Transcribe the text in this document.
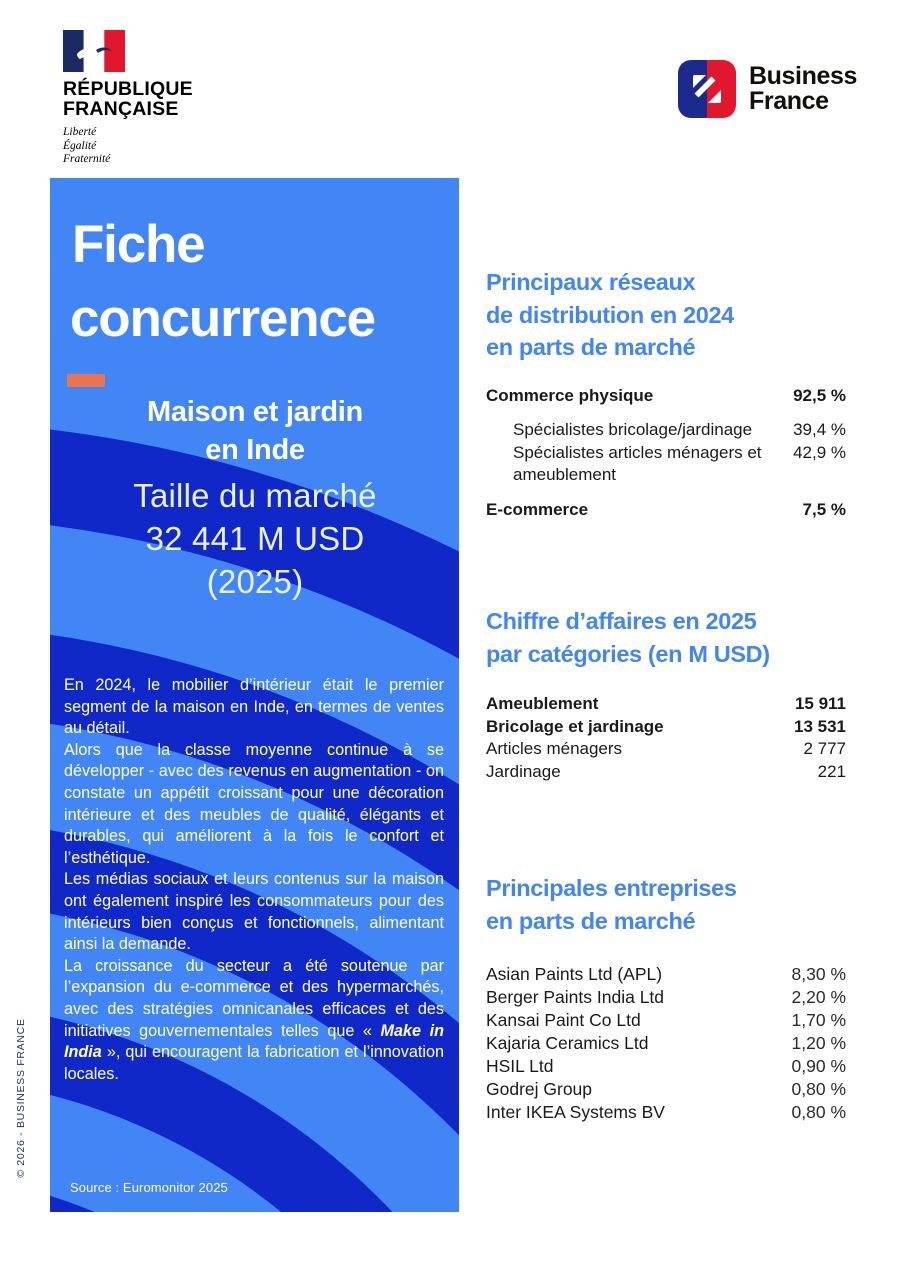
RÉPUBLIQUE
FRANÇAISE
Liberté
Égalité
Fraternité
Business
France
© 2026 - BUSINESS FRANCE
Fiche
concurrence
Maison et jardin
en Inde
Taille du marché
32 441 M USD
(2025)

En 2024, le mobilier d’intérieur était le premier segment de la maison en Inde, en termes de ventes au détail.

Alors que la classe moyenne continue à se développer - avec des revenus en augmentation - on constate un appétit croissant pour une décoration intérieure et des meubles de qualité, élégants et durables, qui améliorent à la fois le confort et l’esthétique.

Les médias sociaux et leurs contenus sur la maison ont également inspiré les consommateurs pour des intérieurs bien conçus et fonctionnels, alimentant ainsi la demande.

La croissance du secteur a été soutenue par l’expansion du e-commerce et des hypermarchés, avec des stratégies omnicanales efficaces et des initiatives gouvernementales telles que « Make in India », qui encouragent la fabrication et l’innovation locales.

Source : Euromonitor 2025
Principaux réseaux
de distribution en 2024
en parts de marché
Commerce physique	92,5 %
Spécialistes bricolage/jardinage	39,4 %
Spécialistes articles ménagers et ameublement
42,9 %
E-commerce	7,5 %
Chiffre d’affaires en 2025
par catégories (en M USD)
Ameublement	15 911
Bricolage et jardinage	13 531
Articles ménagers	2 777
Jardinage	221
Principales entreprises
en parts de marché
Asian Paints Ltd (APL)	8,30 %
Berger Paints India Ltd	2,20 %
Kansai Paint Co Ltd	1,70 %
Kajaria Ceramics Ltd	1,20 %
HSIL Ltd	0,90 %
Godrej Group	0,80 %
Inter IKEA Systems BV	0,80 %
